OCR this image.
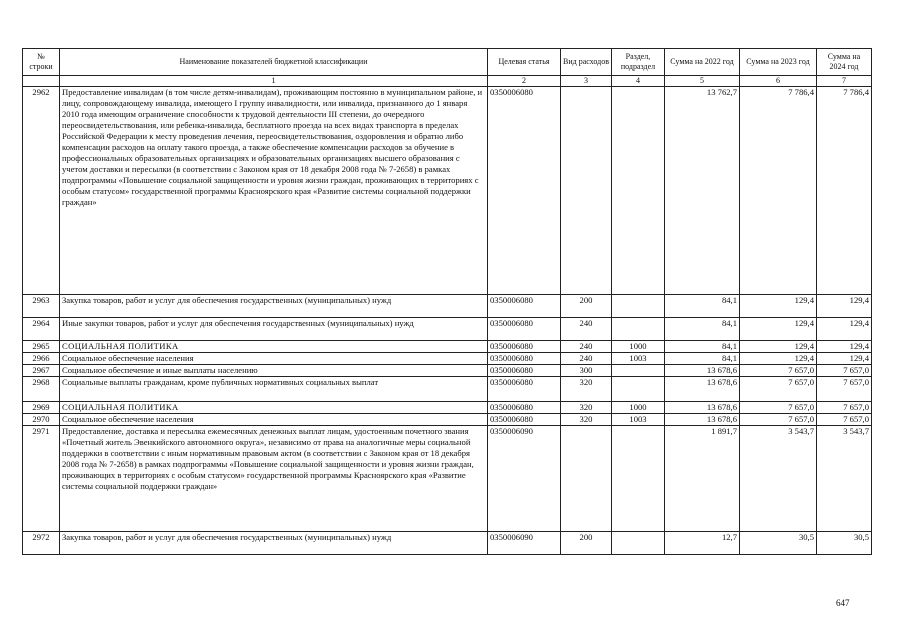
№ строки	Наименование показателей бюджетной классификации	Целевая статья	Вид расходов	Раздел, подраздел	Сумма на 2022 год	Сумма на 2023 год	Сумма на 2024 год
	1	2	3	4	5	6	7
2962	Предоставление инвалидам (в том числе детям-инвалидам), проживающим постоянно в муниципальном районе, и лицу, сопровождающему инвалида, имеющего I группу инвалидности, или инвалида, признанного до 1 января 2010 года имеющим ограничение способности к трудовой деятельности III степени, до очередного переосвидетельствования, или ребенка-инвалида, бесплатного проезда на всех видах транспорта в пределах Российской Федерации к месту проведения лечения, переосвидетельствования, оздоровления и обратно либо компенсации расходов на оплату такого проезда, а также обеспечение компенсации расходов за обучение в профессиональных образовательных организациях и образовательных организациях высшего образования с учетом доставки и пересылки (в соответствии с Законом края от 18 декабря 2008 года № 7-2658) в рамках подпрограммы «Повышение социальной защищенности и уровня жизни граждан, проживающих в территориях с особым статусом» государственной программы Красноярского края «Развитие системы социальной поддержки граждан»	0350006080			13 762,7	7 786,4	7 786,4
2963	Закупка товаров, работ и услуг для обеспечения государственных (муниципальных) нужд	0350006080	200		84,1	129,4	129,4
2964	Иные закупки товаров, работ и услуг для обеспечения государственных (муниципальных) нужд	0350006080	240		84,1	129,4	129,4
2965	СОЦИАЛЬНАЯ ПОЛИТИКА	0350006080	240	1000	84,1	129,4	129,4
2966	Социальное обеспечение населения	0350006080	240	1003	84,1	129,4	129,4
2967	Социальное обеспечение и иные выплаты населению	0350006080	300		13 678,6	7 657,0	7 657,0
2968	Социальные выплаты гражданам, кроме публичных нормативных социальных выплат	0350006080	320		13 678,6	7 657,0	7 657,0
2969	СОЦИАЛЬНАЯ ПОЛИТИКА	0350006080	320	1000	13 678,6	7 657,0	7 657,0
2970	Социальное обеспечение населения	0350006080	320	1003	13 678,6	7 657,0	7 657,0
2971	Предоставление, доставка и пересылка ежемесячных денежных выплат лицам, удостоенным почетного звания «Почетный житель Эвенкийского автономного округа», независимо от права на аналогичные меры социальной поддержки в соответствии с иным нормативным правовым актом (в соответствии с Законом края от 18 декабря 2008 года № 7-2658) в рамках подпрограммы «Повышение социальной защищенности и уровня жизни граждан, проживающих в территориях с особым статусом» государственной программы Красноярского края «Развитие системы социальной поддержки граждан»	0350006090			1 891,7	3 543,7	3 543,7
2972	Закупка товаров, работ и услуг для обеспечения государственных (муниципальных) нужд	0350006090	200		12,7	30,5	30,5
647
